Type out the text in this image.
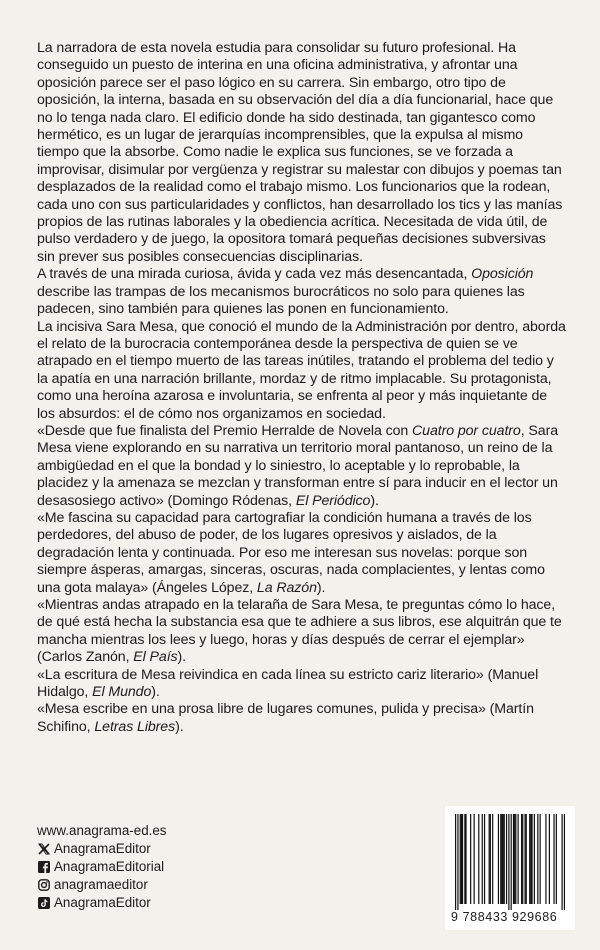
La narradora de esta novela estudia para consolidar su futuro profesional. Ha conseguido un puesto de interina en una oficina administrativa, y afrontar una oposición parece ser el paso lógico en su carrera. Sin embargo, otro tipo de oposición, la interna, basada en su observación del día a día funcionarial, hace que no lo tenga nada claro. El edificio donde ha sido destinada, tan gigantesco como hermético, es un lugar de jerarquías incomprensibles, que la expulsa al mismo tiempo que la absorbe. Como nadie le explica sus funciones, se ve forzada a improvisar, disimular por vergüenza y registrar su malestar con dibujos y poemas tan desplazados de la realidad como el trabajo mismo. Los funcionarios que la rodean, cada uno con sus particularidades y conflictos, han desarrollado los tics y las manías propios de las rutinas laborales y la obediencia acrítica. Necesitada de vida útil, de pulso verdadero y de juego, la opositora tomará pequeñas decisiones subversivas sin prever sus posibles consecuencias disciplinarias.

A través de una mirada curiosa, ávida y cada vez más desencantada, Oposición describe las trampas de los mecanismos burocráticos no solo para quienes las padecen, sino también para quienes las ponen en funcionamiento.

La incisiva Sara Mesa, que conoció el mundo de la Administración por dentro, aborda el relato de la burocracia contemporánea desde la perspectiva de quien se ve atrapado en el tiempo muerto de las tareas inútiles, tratando el problema del tedio y la apatía en una narración brillante, mordaz y de ritmo implacable. Su protagonista, como una heroína azarosa e involuntaria, se enfrenta al peor y más inquietante de los absurdos: el de cómo nos organizamos en sociedad.

«Desde que fue finalista del Premio Herralde de Novela con Cuatro por cuatro, Sara Mesa viene explorando en su narrativa un territorio moral pantanoso, un reino de la ambigüedad en el que la bondad y lo siniestro, lo aceptable y lo reprobable, la placidez y la amenaza se mezclan y transforman entre sí para inducir en el lector un desasosiego activo» (Domingo Ródenas, El Periódico).

«Me fascina su capacidad para cartografiar la condición humana a través de los perdedores, del abuso de poder, de los lugares opresivos y aislados, de la degradación lenta y continuada. Por eso me interesan sus novelas: porque son siempre ásperas, amargas, sinceras, oscuras, nada complacientes, y lentas como una gota malaya» (Ángeles López, La Razón).

«Mientras andas atrapado en la telaraña de Sara Mesa, te preguntas cómo lo hace, de qué está hecha la substancia esa que te adhiere a sus libros, ese alquitrán que te mancha mientras los lees y luego, horas y días después de cerrar el ejemplar» (Carlos Zanón, El País).

«La escritura de Mesa reivindica en cada línea su estricto cariz literario» (Manuel Hidalgo, El Mundo).

«Mesa escribe en una prosa libre de lugares comunes, pulida y precisa» (Martín Schifino, Letras Libres).

www.anagrama-ed.es
AnagramaEditor
AnagramaEditorial
anagramaeditor
AnagramaEditor
9 788433 929686
